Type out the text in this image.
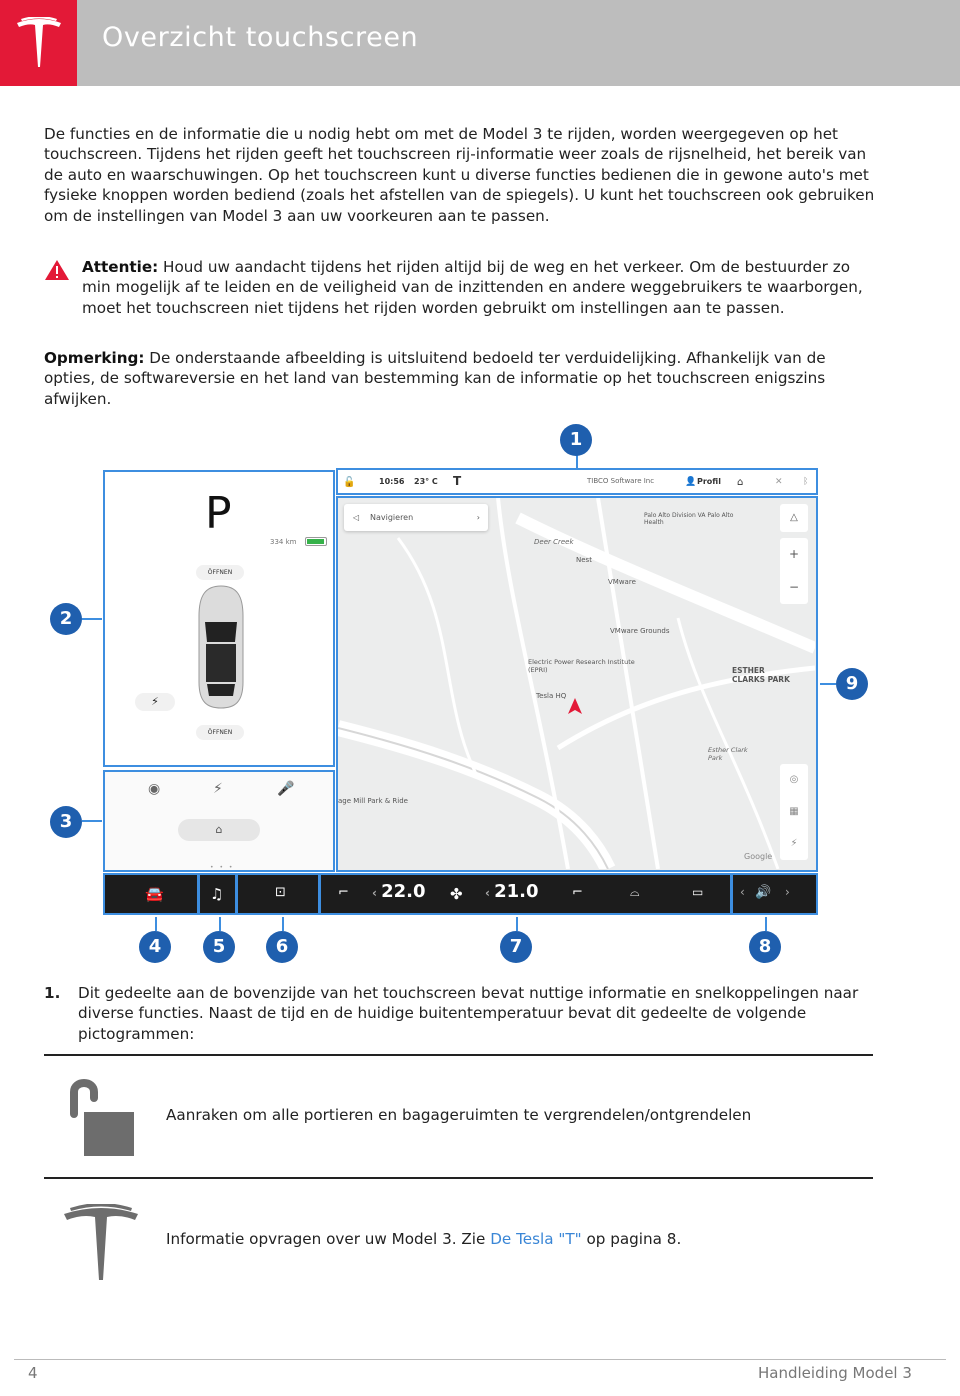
Overzicht touchscreen

De functies en de informatie die u nodig hebt om met de Model 3 te rijden, worden weergegeven op het touchscreen. Tijdens het rijden geeft het touchscreen rij-informatie weer zoals de rijsnelheid, het bereik van de auto en waarschuwingen. Op het touchscreen kunt u diverse functies bedienen die in gewone auto's met fysieke knoppen worden bediend (zoals het afstellen van de spiegels). U kunt het touchscreen ook gebruiken om de instellingen van Model 3 aan uw voorkeuren aan te passen.

Attentie: Houd uw aandacht tijdens het rijden altijd bij de weg en het verkeer. Om de bestuurder zo min mogelijk af te leiden en de veiligheid van de inzittenden en andere weggebruikers te waarborgen, moet het touchscreen niet tijdens het rijden worden gebruikt om instellingen aan te passen.

Opmerking: De onderstaande afbeelding is uitsluitend bedoeld ter verduidelijking. Afhankelijk van de opties, de softwareversie en het land van bestemming kan de informatie op het touchscreen enigszins afwijken.

🔓	10:56 23° C T	TIBCO Software Inc	👤 Profil ⌂	✕ ᛒ
P
334 km
ÖFFNEN
⚡
ÖFFNEN
◉	⚡	🎤
⌂
• • •
◁ Navigieren	›	△
+
−
◎
▦
⚡
Deer Creek
Nest
VMware
VMware Grounds
Palo Alto Division VA Palo Alto Health
Electric Power Research Institute (EPRI)
Tesla HQ
ESTHER CLARKS PARK
Esther Clark Park
age Mill Park & Ride
Google
🚘	♫	⊡	⌐ ‹ 22.0 ✤ ‹ 21.0	⌐	⌓	▭	‹ 🔊 ›
1
2
3
4	5	6	7	8
9
1. Dit gedeelte aan de bovenzijde van het touchscreen bevat nuttige informatie en snelkoppelingen naar diverse functies. Naast de tijd en de huidige buitentemperatuur bevat dit gedeelte de volgende pictogrammen:

Aanraken om alle portieren en bagageruimten te vergrendelen/ontgrendelen
Informatie opvragen over uw Model 3. Zie De Tesla "T" op pagina 8.
4	Handleiding Model 3
